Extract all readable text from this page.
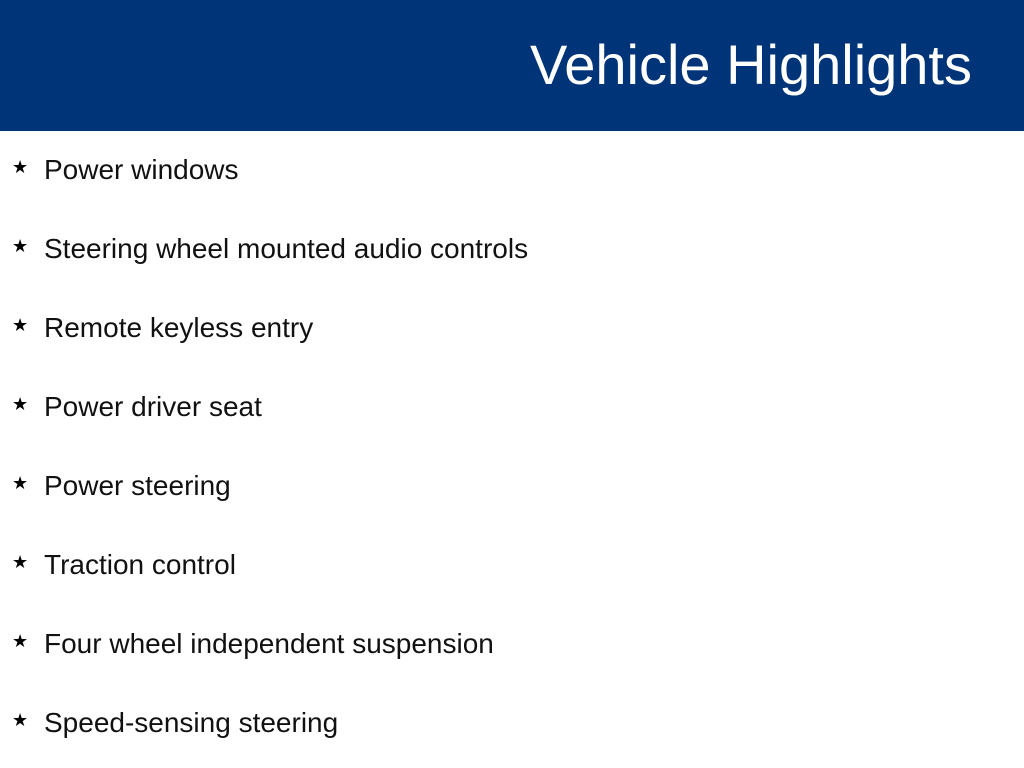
Vehicle Highlights
★ Power windows
★ Steering wheel mounted audio controls
★ Remote keyless entry
★ Power driver seat
★ Power steering
★ Traction control
★ Four wheel independent suspension
★ Speed-sensing steering
